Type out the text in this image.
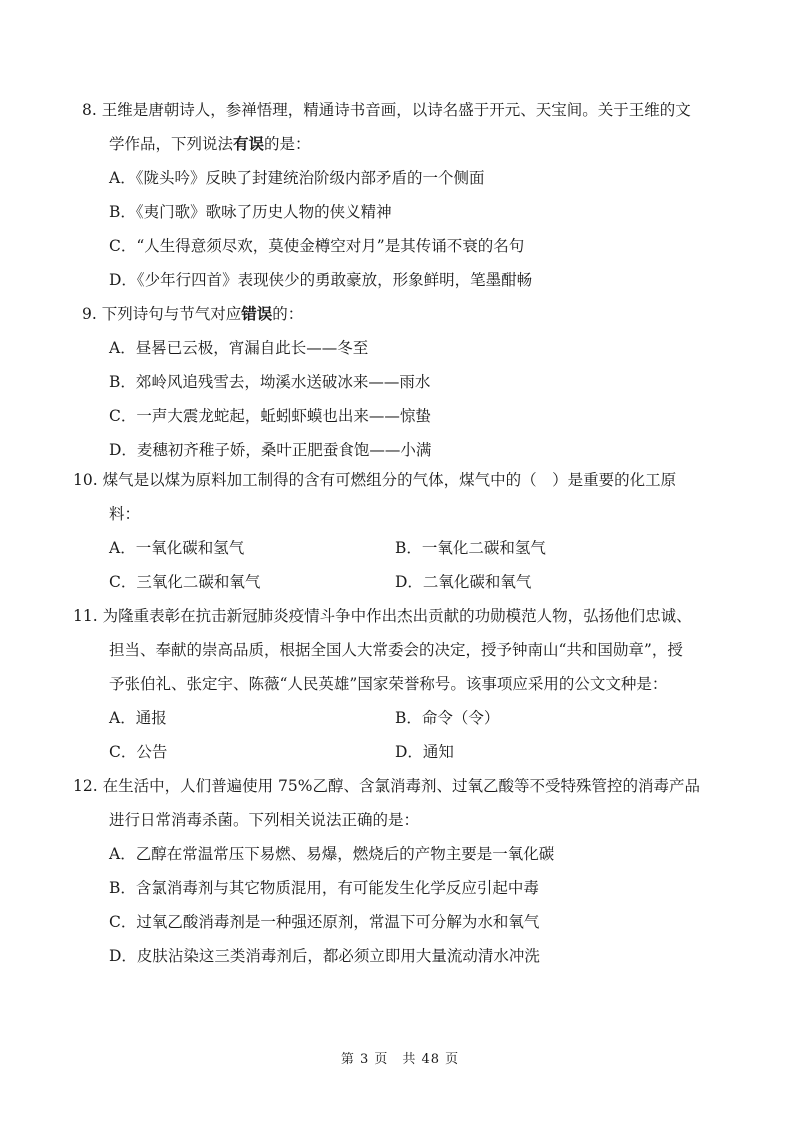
8. 王维是唐朝诗人，参禅悟理，精通诗书音画，以诗名盛于开元、天宝间。关于王维的文
学作品，下列说法有误的是：

A．《陇头吟》反映了封建统治阶级内部矛盾的一个侧面
B．《夷门歌》歌咏了历史人物的侠义精神
C．“人生得意须尽欢，莫使金樽空对月”是其传诵不衰的名句
D．《少年行四首》表现侠少的勇敢豪放，形象鲜明，笔墨酣畅

9. 下列诗句与节气对应错误的：

A．昼晷已云极，宵漏自此长——冬至
B．郊岭风追残雪去，坳溪水送破冰来——雨水
C．一声大震龙蛇起，蚯蚓虾蟆也出来——惊蛰
D．麦穗初齐稚子娇，桑叶正肥蚕食饱——小满

10. 煤气是以煤为原料加工制得的含有可燃组分的气体，煤气中的（　）是重要的化工原
料：

A．一氧化碳和氢气	B．一氧化二碳和氢气
C．三氧化二碳和氧气	D．二氧化碳和氧气

11. 为隆重表彰在抗击新冠肺炎疫情斗争中作出杰出贡献的功勋模范人物，弘扬他们忠诚、
担当、奉献的崇高品质，根据全国人大常委会的决定，授予钟南山“共和国勋章”，授
予张伯礼、张定宇、陈薇“人民英雄”国家荣誉称号。该事项应采用的公文文种是：

A．通报	B．命令（令）
C．公告	D．通知

12. 在生活中，人们普遍使用 75%乙醇、含氯消毒剂、过氧乙酸等不受特殊管控的消毒产品
进行日常消毒杀菌。下列相关说法正确的是：

A．乙醇在常温常压下易燃、易爆，燃烧后的产物主要是一氧化碳
B．含氯消毒剂与其它物质混用，有可能发生化学反应引起中毒
C．过氧乙酸消毒剂是一种强还原剂，常温下可分解为水和氧气
D．皮肤沾染这三类消毒剂后，都必须立即用大量流动清水冲洗
第 3 页　共 48 页
